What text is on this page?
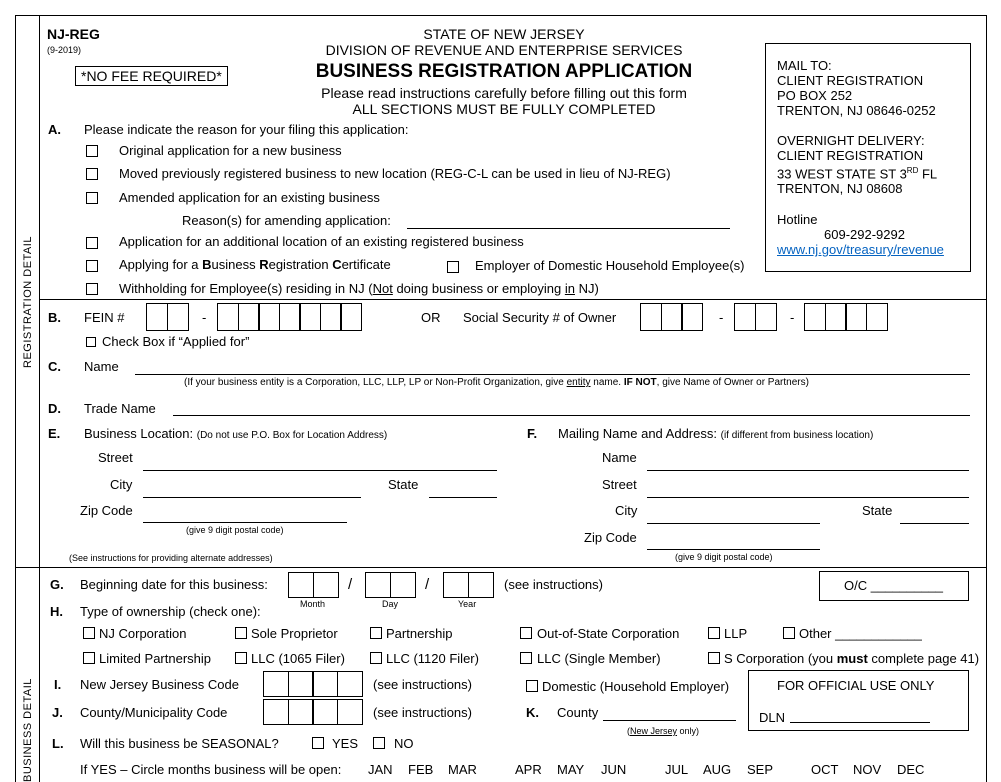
REGISTRATION DETAIL
BUSINESS DETAIL
NJ-REG
(9-2019)
*NO FEE REQUIRED*
STATE OF NEW JERSEY
DIVISION OF REVENUE AND ENTERPRISE SERVICES
BUSINESS REGISTRATION APPLICATION
Please read instructions carefully before filling out this form
ALL SECTIONS MUST BE FULLY COMPLETED
MAIL TO:
CLIENT REGISTRATION
PO BOX 252
TRENTON, NJ 08646-0252
OVERNIGHT DELIVERY:
CLIENT REGISTRATION
33 WEST STATE ST 3RD FL
TRENTON, NJ 08608
Hotline
609-292-9292
www.nj.gov/treasury/revenue
A. Please indicate the reason for your filing this application:
Original application for a new business
Moved previously registered business to new location (REG-C-L can be used in lieu of NJ-REG)
Amended application for an existing business
Reason(s) for amending application:
Application for an additional location of an existing registered business
Applying for a Business Registration Certificate	Employer of Domestic Household Employee(s)
Withholding for Employee(s) residing in NJ (Not doing business or employing in NJ)
B. FEIN #	-	OR Social Security # of Owner	-	-
Check Box if “Applied for”
C. Name
(If your business entity is a Corporation, LLC, LLP, LP or Non-Profit Organization, give entity name. IF NOT, give Name of Owner or Partners)
D. Trade Name
E. Business Location: (Do not use P.O. Box for Location Address)
Street
City	State
Zip Code
(give 9 digit postal code)
(See instructions for providing alternate addresses)
F. Mailing Name and Address: (if different from business location)
Name
Street
City	State
Zip Code
(give 9 digit postal code)
G. Beginning date for this business:	/	/	(see instructions)
Month	Day	Year
O/C __________
H. Type of ownership (check one):
NJ Corporation	Sole Proprietor	Partnership	Out-of-State Corporation	LLP	Other ____________
Limited Partnership	LLC (1065 Filer)	LLC (1120 Filer)	LLC (Single Member)	S Corporation (you must complete page 41)
I. New Jersey Business Code	(see instructions)	Domestic (Household Employer)	FOR OFFICIAL USE ONLY
DLN
J. County/Municipality Code	(see instructions)	K. County
(New Jersey only)
L. Will this business be SEASONAL?	YES	NO
If YES – Circle months business will be open: JAN FEB MAR	APR MAY JUN	JUL AUG SEP	OCT NOV DEC
